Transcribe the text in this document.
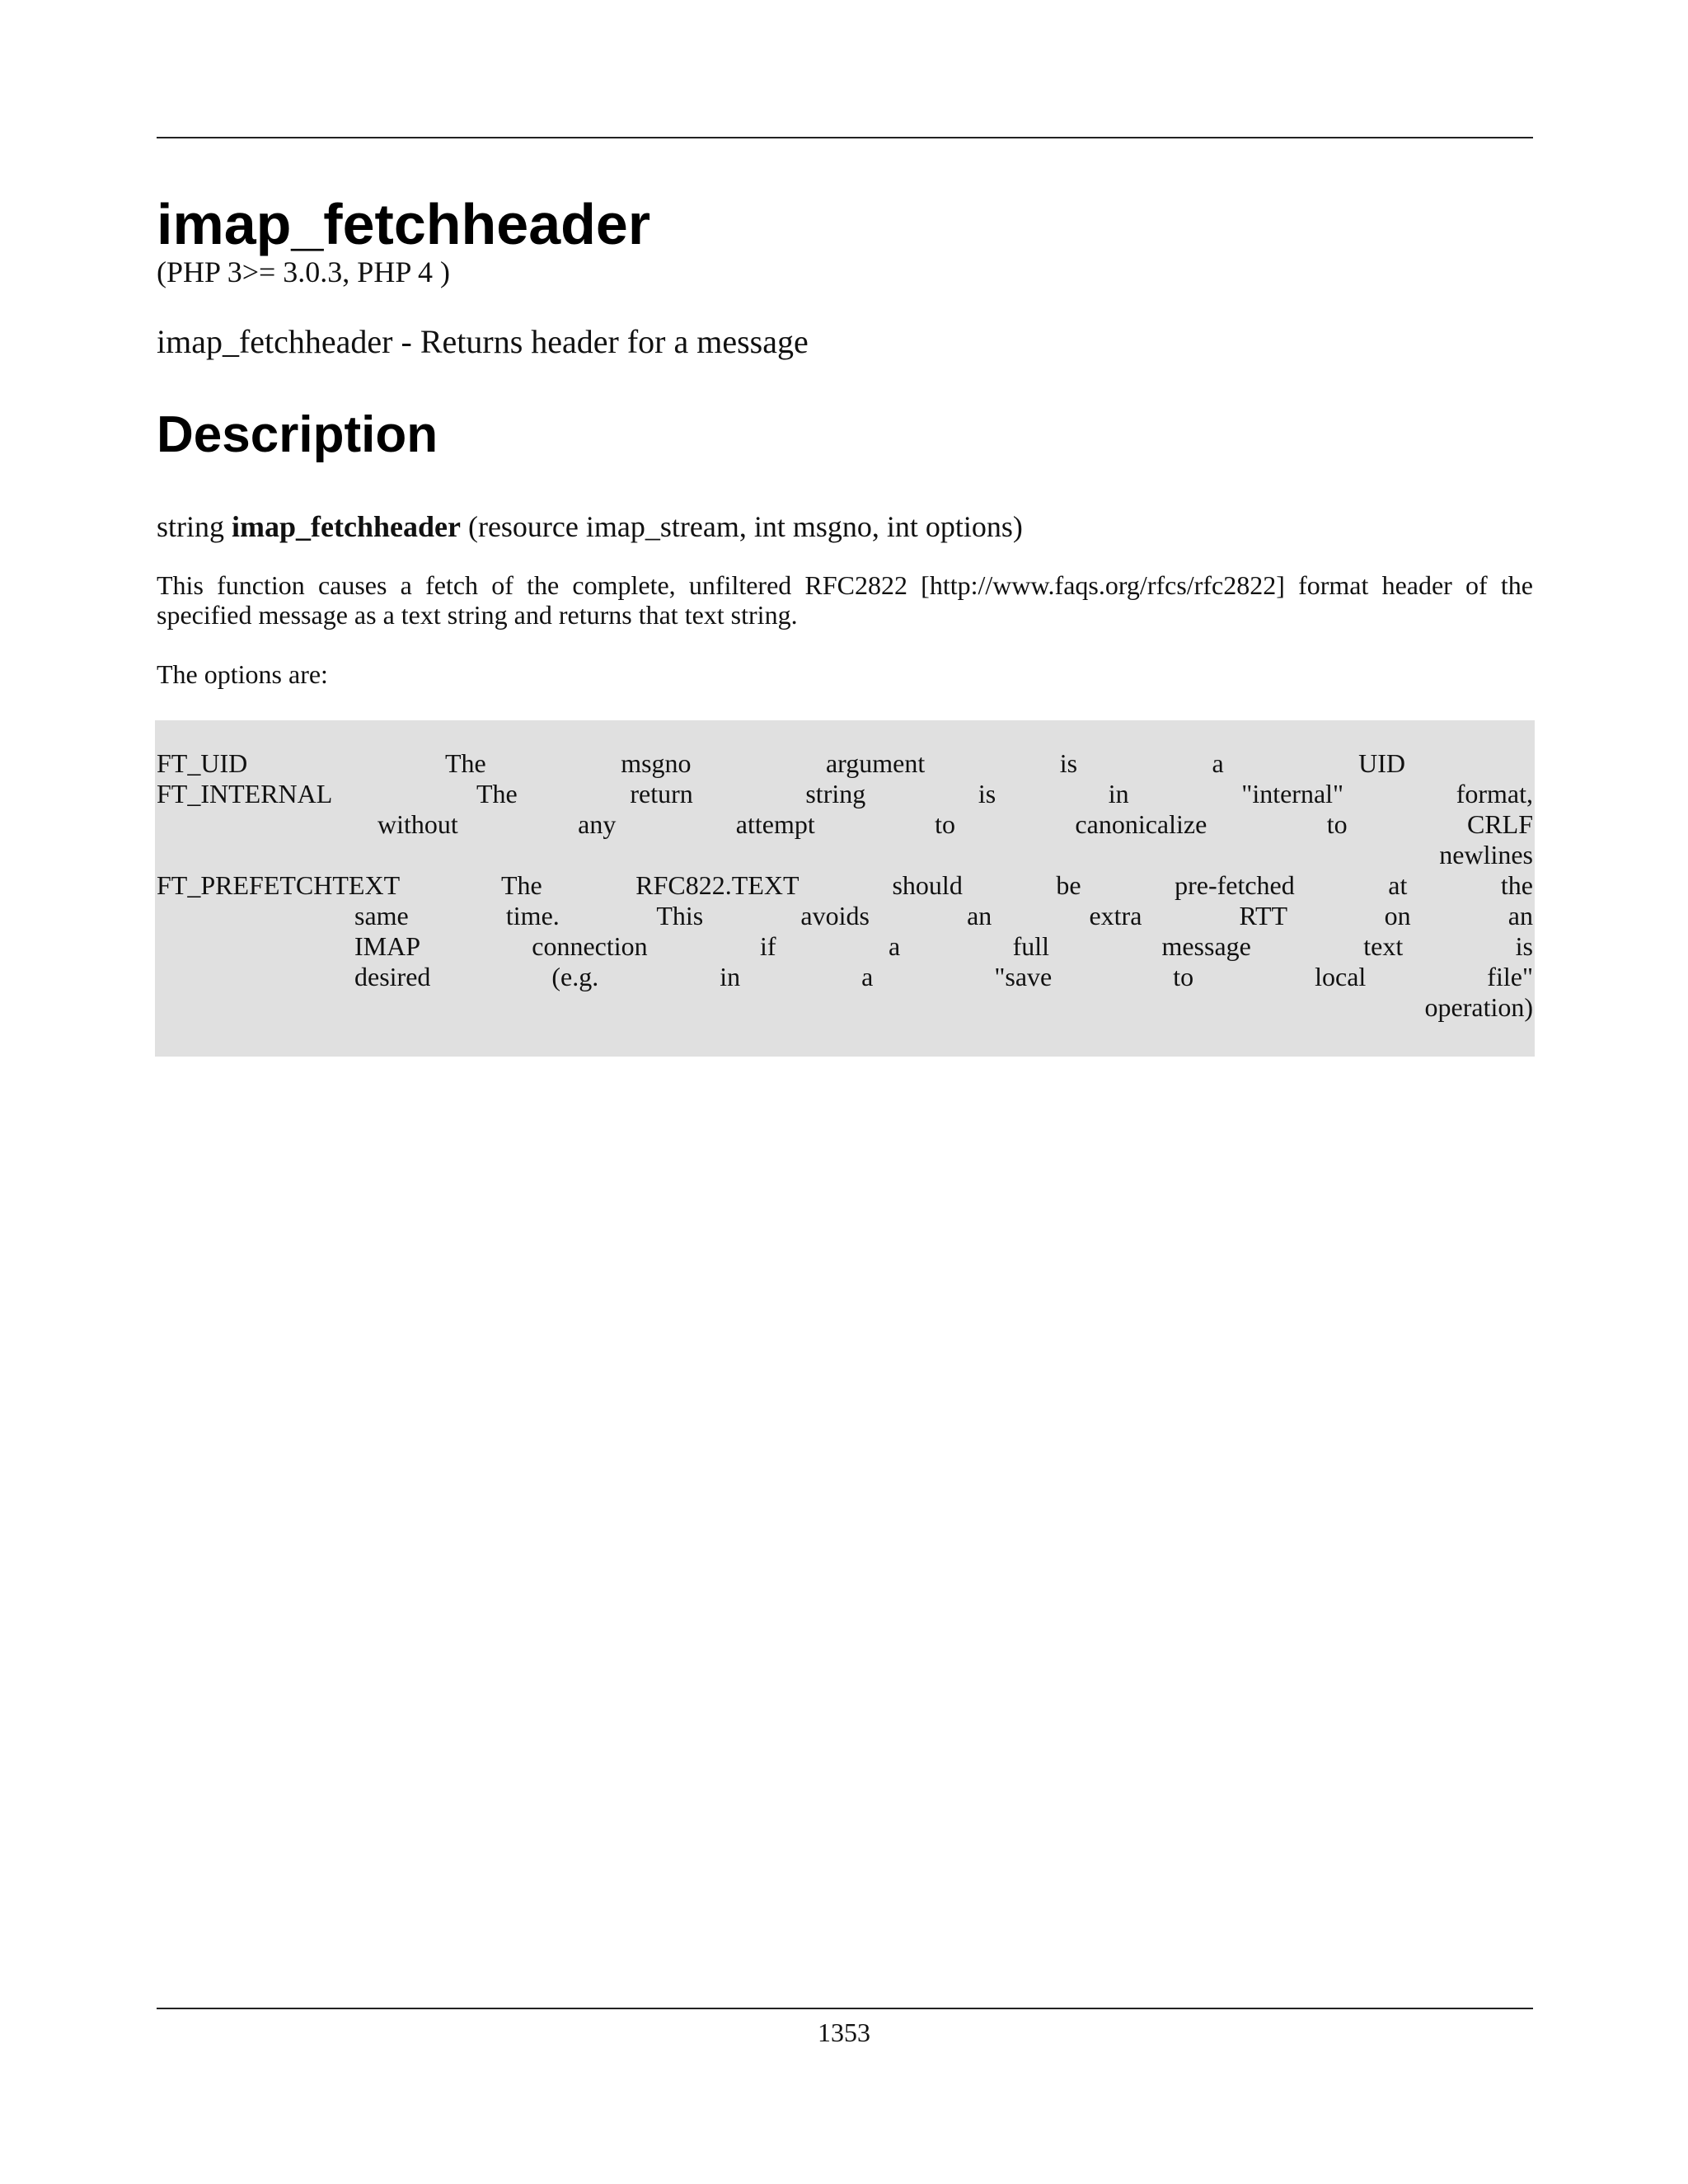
imap_fetchheader
(PHP 3>= 3.0.3, PHP 4 )
imap_fetchheader - Returns header for a message
Description
string imap_fetchheader (resource imap_stream, int msgno, int options)
This function causes a fetch of the complete, unfiltered RFC2822 [http://www.faqs.org/rfcs/rfc2822] format header of the specified message as a text string and returns that text string.
The options are:
FT_UID	The msgno argument is a UID
FT_INTERNAL	The return string is in "internal" format,
without any attempt to canonicalize to CRLF
newlines
FT_PREFETCHTEXT	The RFC822.TEXT should be pre-fetched at the
same time. This avoids an extra RTT on an
IMAP connection if a full message text is
desired (e.g. in a "save to local file"
operation)
1353
